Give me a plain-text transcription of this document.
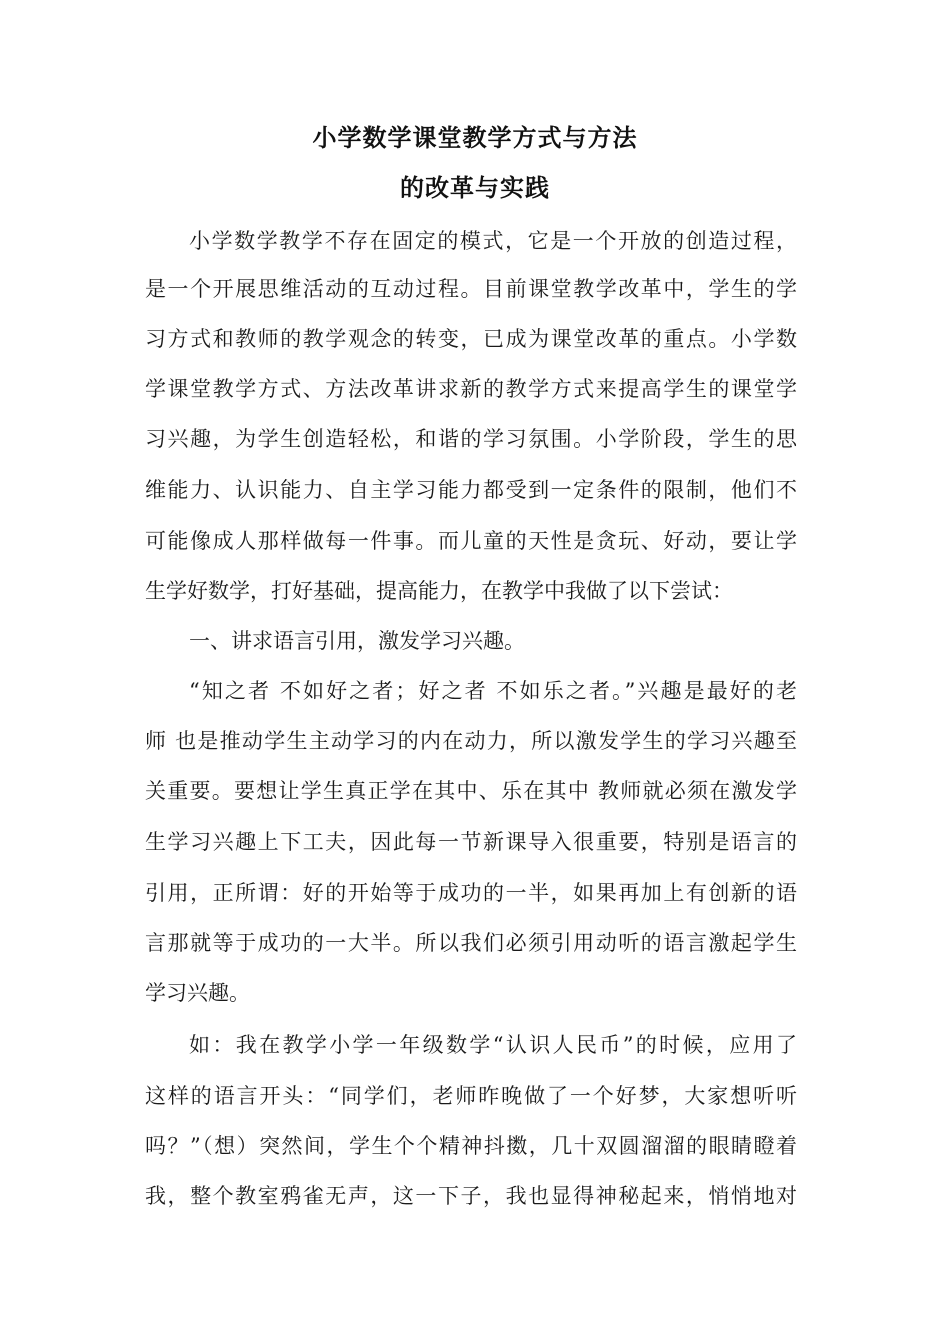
小学数学课堂教学方式与方法
的改革与实践
小学数学教学不存在固定的模式，它是一个开放的创造过程，
是一个开展思维活动的互动过程。目前课堂教学改革中，学生的学
习方式和教师的教学观念的转变，已成为课堂改革的重点。小学数
学课堂教学方式、方法改革讲求新的教学方式来提高学生的课堂学
习兴趣，为学生创造轻松，和谐的学习氛围。小学阶段，学生的思
维能力、认识能力、自主学习能力都受到一定条件的限制，他们不
可能像成人那样做每一件事。而儿童的天性是贪玩、好动，要让学
生学好数学，打好基础，提高能力，在教学中我做了以下尝试：
一、讲求语言引用，激发学习兴趣。
“知之者 不如好之者；好之者 不如乐之者。”兴趣是最好的老
师 也是推动学生主动学习的内在动力，所以激发学生的学习兴趣至
关重要。要想让学生真正学在其中、乐在其中 教师就必须在激发学
生学习兴趣上下工夫，因此每一节新课导入很重要，特别是语言的
引用，正所谓：好的开始等于成功的一半，如果再加上有创新的语
言那就等于成功的一大半。所以我们必须引用动听的语言激起学生
学习兴趣。
如：我在教学小学一年级数学“认识人民币”的时候，应用了
这样的语言开头：“同学们，老师昨晚做了一个好梦，大家想听听
吗？”（想）突然间，学生个个精神抖擞，几十双圆溜溜的眼睛瞪着
我，整个教室鸦雀无声，这一下子，我也显得神秘起来，悄悄地对
